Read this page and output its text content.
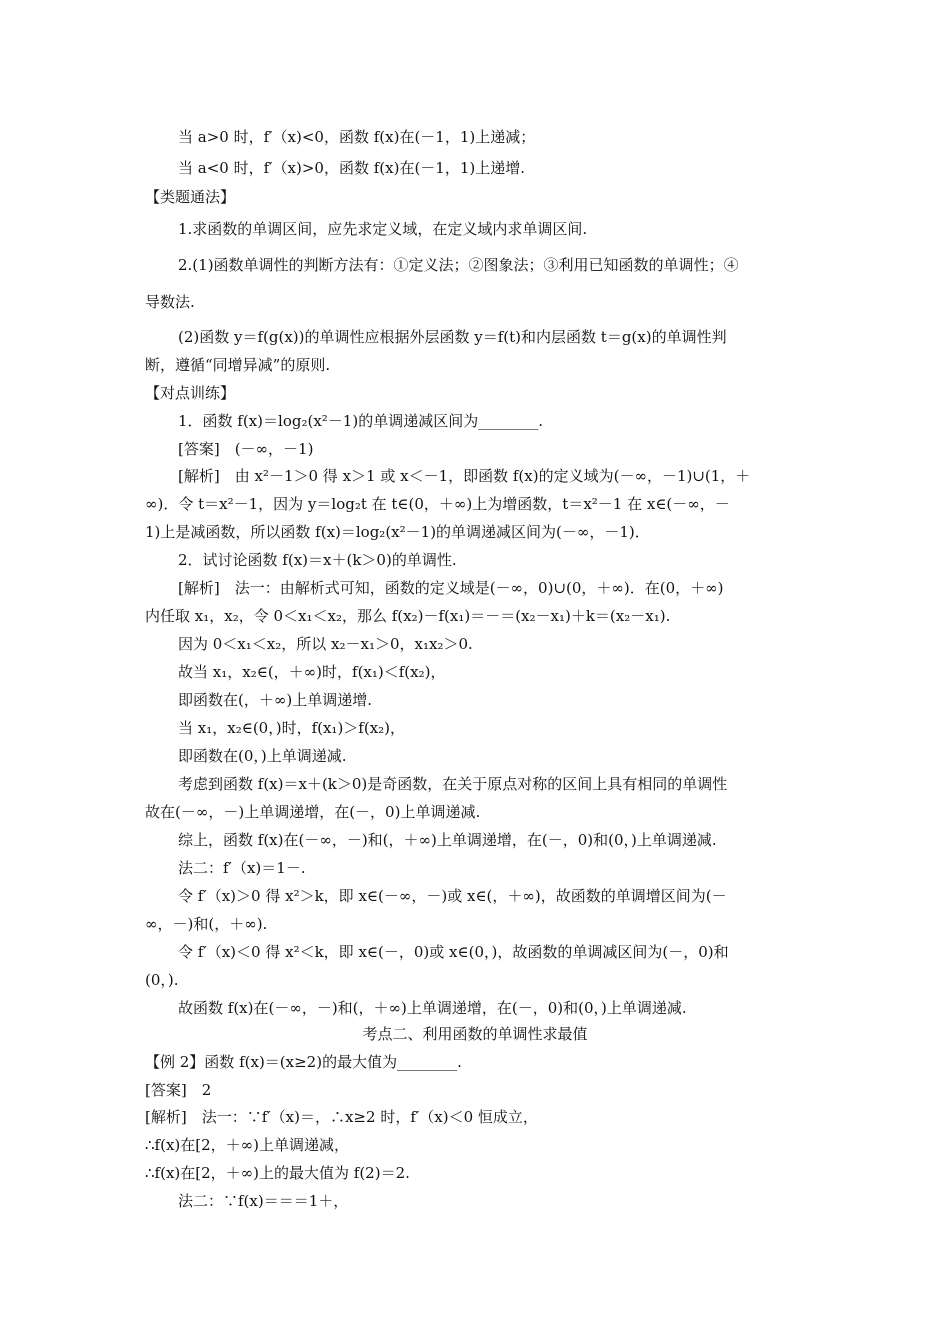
当 a>0 时，f′（x)<0，函数 f(x)在(－1，1)上递减；
当 a<0 时，f′（x)>0，函数 f(x)在(－1，1)上递增.
【类题通法】
1.求函数的单调区间，应先求定义域，在定义域内求单调区间.
2.(1)函数单调性的判断方法有：①定义法；②图象法；③利用已知函数的单调性；④
导数法.
(2)函数 y＝f(g(x))的单调性应根据外层函数 y＝f(t)和内层函数 t＝g(x)的单调性判
断，遵循“同增异减”的原则.
【对点训练】
1．函数 f(x)＝log₂(x²－1)的单调递减区间为________.
[答案]　(－∞，－1)
[解析]　由 x²－1＞0 得 x＞1 或 x＜－1，即函数 f(x)的定义域为(－∞，－1)∪(1，＋
∞)．令 t＝x²－1，因为 y＝log₂t 在 t∈(0，＋∞)上为增函数，t＝x²－1 在 x∈(－∞，－
1)上是减函数，所以函数 f(x)＝log₂(x²－1)的单调递减区间为(－∞，－1)．
2．试讨论函数 f(x)＝x＋(k＞0)的单调性.
[解析]　法一：由解析式可知，函数的定义域是(－∞，0)∪(0，＋∞)．在(0，＋∞)
内任取 x₁，x₂，令 0＜x₁＜x₂，那么 f(x₂)－f(x₁)＝－＝(x₂－x₁)＋k＝(x₂－x₁).
因为 0＜x₁＜x₂，所以 x₂－x₁＞0，x₁x₂＞0.
故当 x₁，x₂∈(，＋∞)时，f(x₁)＜f(x₂)，
即函数在(，＋∞)上单调递增.
当 x₁，x₂∈(0，)时，f(x₁)＞f(x₂)，
即函数在(0，)上单调递减.
考虑到函数 f(x)＝x＋(k＞0)是奇函数，在关于原点对称的区间上具有相同的单调性
故在(－∞，－)上单调递增，在(－，0)上单调递减.
综上，函数 f(x)在(－∞，－)和(，＋∞)上单调递增，在(－，0)和(0，)上单调递减.
法二：f′（x)＝1－.
令 f′（x)＞0 得 x²＞k，即 x∈(－∞，－)或 x∈(，＋∞)，故函数的单调增区间为(－
∞，－)和(，＋∞).
令 f′（x)＜0 得 x²＜k，即 x∈(－，0)或 x∈(0，)，故函数的单调减区间为(－，0)和
(0，).
故函数 f(x)在(－∞，－)和(，＋∞)上单调递增，在(－，0)和(0，)上单调递减.
考点二、利用函数的单调性求最值
【例 2】函数 f(x)＝(x≥2)的最大值为________.
[答案]　2
[解析]　法一：∵f′（x)＝，∴x≥2 时，f′（x)＜0 恒成立，
∴f(x)在[2，＋∞)上单调递减，
∴f(x)在[2，＋∞)上的最大值为 f(2)＝2.
法二：∵f(x)＝＝＝1＋，
